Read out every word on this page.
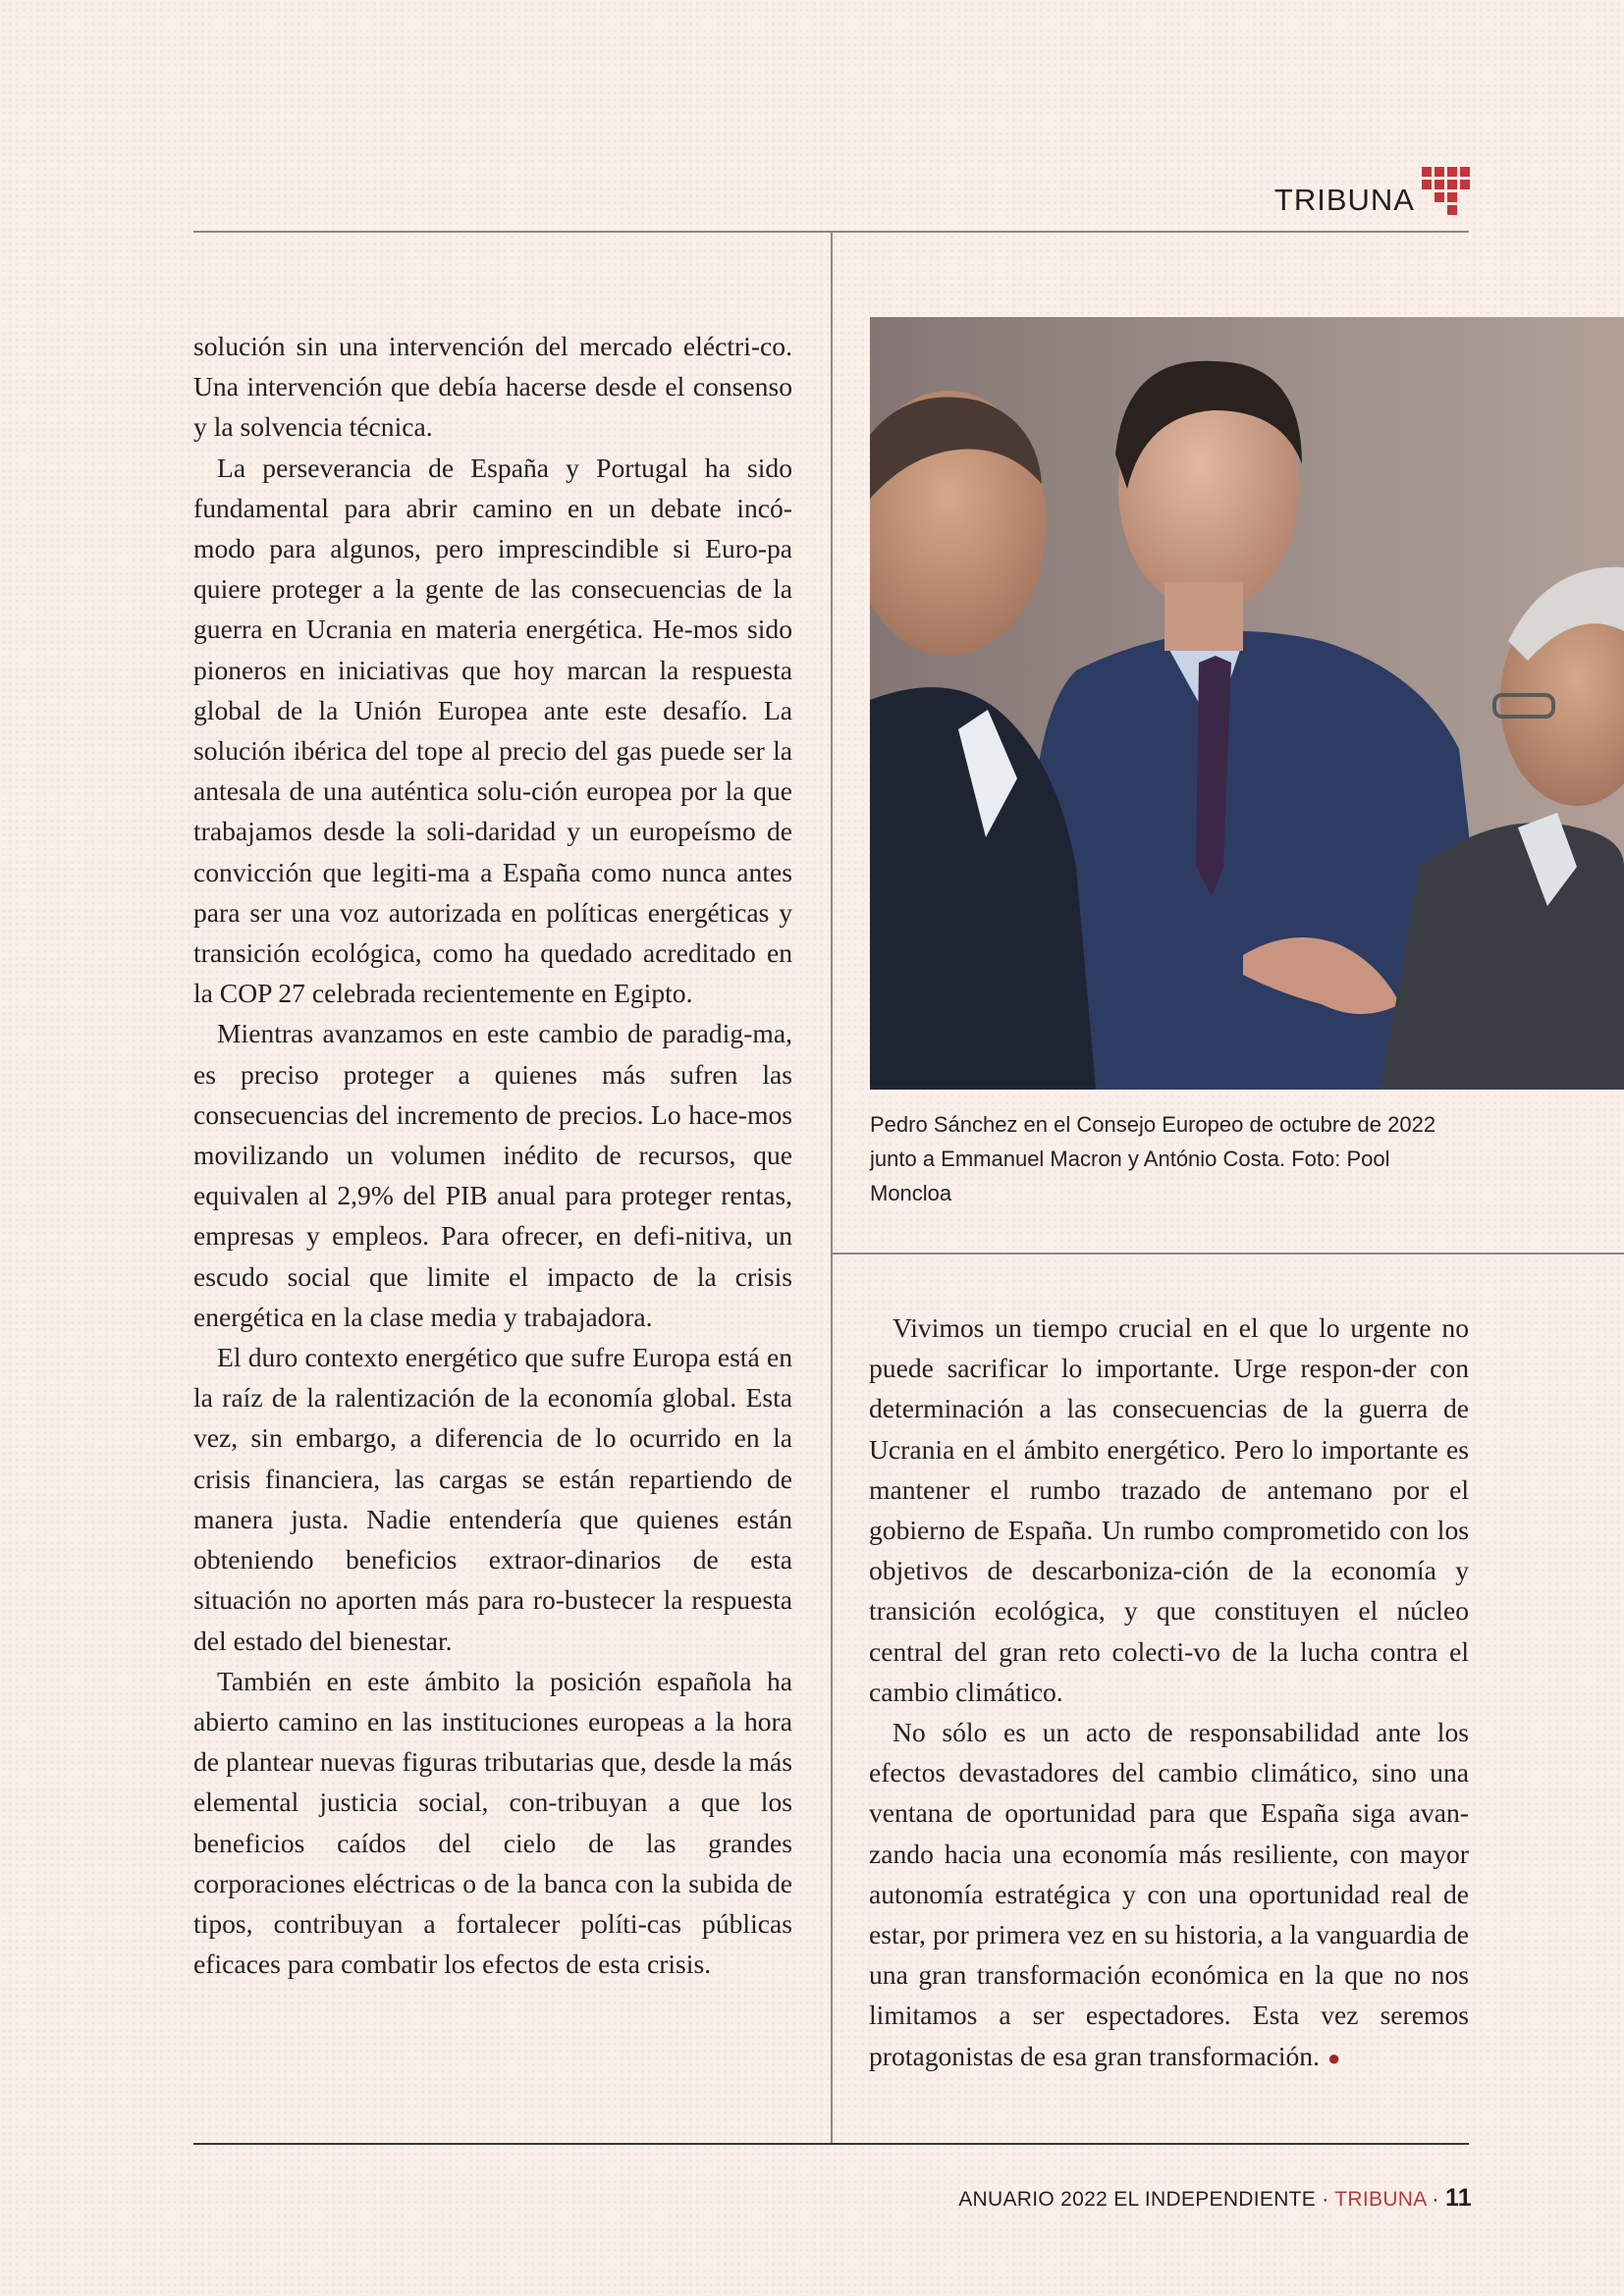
TRIBUNA

solución sin una intervención del mercado eléctri-co. Una intervención que debía hacerse desde el consenso y la solvencia técnica.

La perseverancia de España y Portugal ha sido fundamental para abrir camino en un debate incó-modo para algunos, pero imprescindible si Euro-pa quiere proteger a la gente de las consecuencias de la guerra en Ucrania en materia energética. He-mos sido pioneros en iniciativas que hoy marcan la respuesta global de la Unión Europea ante este desafío. La solución ibérica del tope al precio del gas puede ser la antesala de una auténtica solu-ción europea por la que trabajamos desde la soli-daridad y un europeísmo de convicción que legiti-ma a España como nunca antes para ser una voz autorizada en políticas energéticas y transición ecológica, como ha quedado acreditado en la COP 27 celebrada recientemente en Egipto.

Mientras avanzamos en este cambio de paradig-ma, es preciso proteger a quienes más sufren las consecuencias del incremento de precios. Lo hace-mos movilizando un volumen inédito de recursos, que equivalen al 2,9% del PIB anual para proteger rentas, empresas y empleos. Para ofrecer, en defi-nitiva, un escudo social que limite el impacto de la crisis energética en la clase media y trabajadora.

El duro contexto energético que sufre Europa está en la raíz de la ralentización de la economía global. Esta vez, sin embargo, a diferencia de lo ocurrido en la crisis financiera, las cargas se están repartiendo de manera justa. Nadie entendería que quienes están obteniendo beneficios extraor-dinarios de esta situación no aporten más para ro-bustecer la respuesta del estado del bienestar.

También en este ámbito la posición española ha abierto camino en las instituciones europeas a la hora de plantear nuevas figuras tributarias que, desde la más elemental justicia social, con-tribuyan a que los beneficios caídos del cielo de las grandes corporaciones eléctricas o de la banca con la subida de tipos, contribuyan a fortalecer políti-cas públicas eficaces para combatir los efectos de esta crisis.

Pedro Sánchez en el Consejo Europeo de octubre de 2022 junto a Emmanuel Macron y António Costa. Foto: Pool Moncloa

Vivimos un tiempo crucial en el que lo urgente no puede sacrificar lo importante. Urge respon-der con determinación a las consecuencias de la guerra de Ucrania en el ámbito energético. Pero lo importante es mantener el rumbo trazado de antemano por el gobierno de España. Un rumbo comprometido con los objetivos de descarboniza-ción de la economía y transición ecológica, y que constituyen el núcleo central del gran reto colecti-vo de la lucha contra el cambio climático.

No sólo es un acto de responsabilidad ante los efectos devastadores del cambio climático, sino una ventana de oportunidad para que España siga avan-zando hacia una economía más resiliente, con mayor autonomía estratégica y con una oportunidad real de estar, por primera vez en su historia, a la vanguardia de una gran transformación económica en la que no nos limitamos a ser espectadores. Esta vez seremos protagonistas de esa gran transformación. ●

ANUARIO 2022 EL INDEPENDIENTE · TRIBUNA · 11
